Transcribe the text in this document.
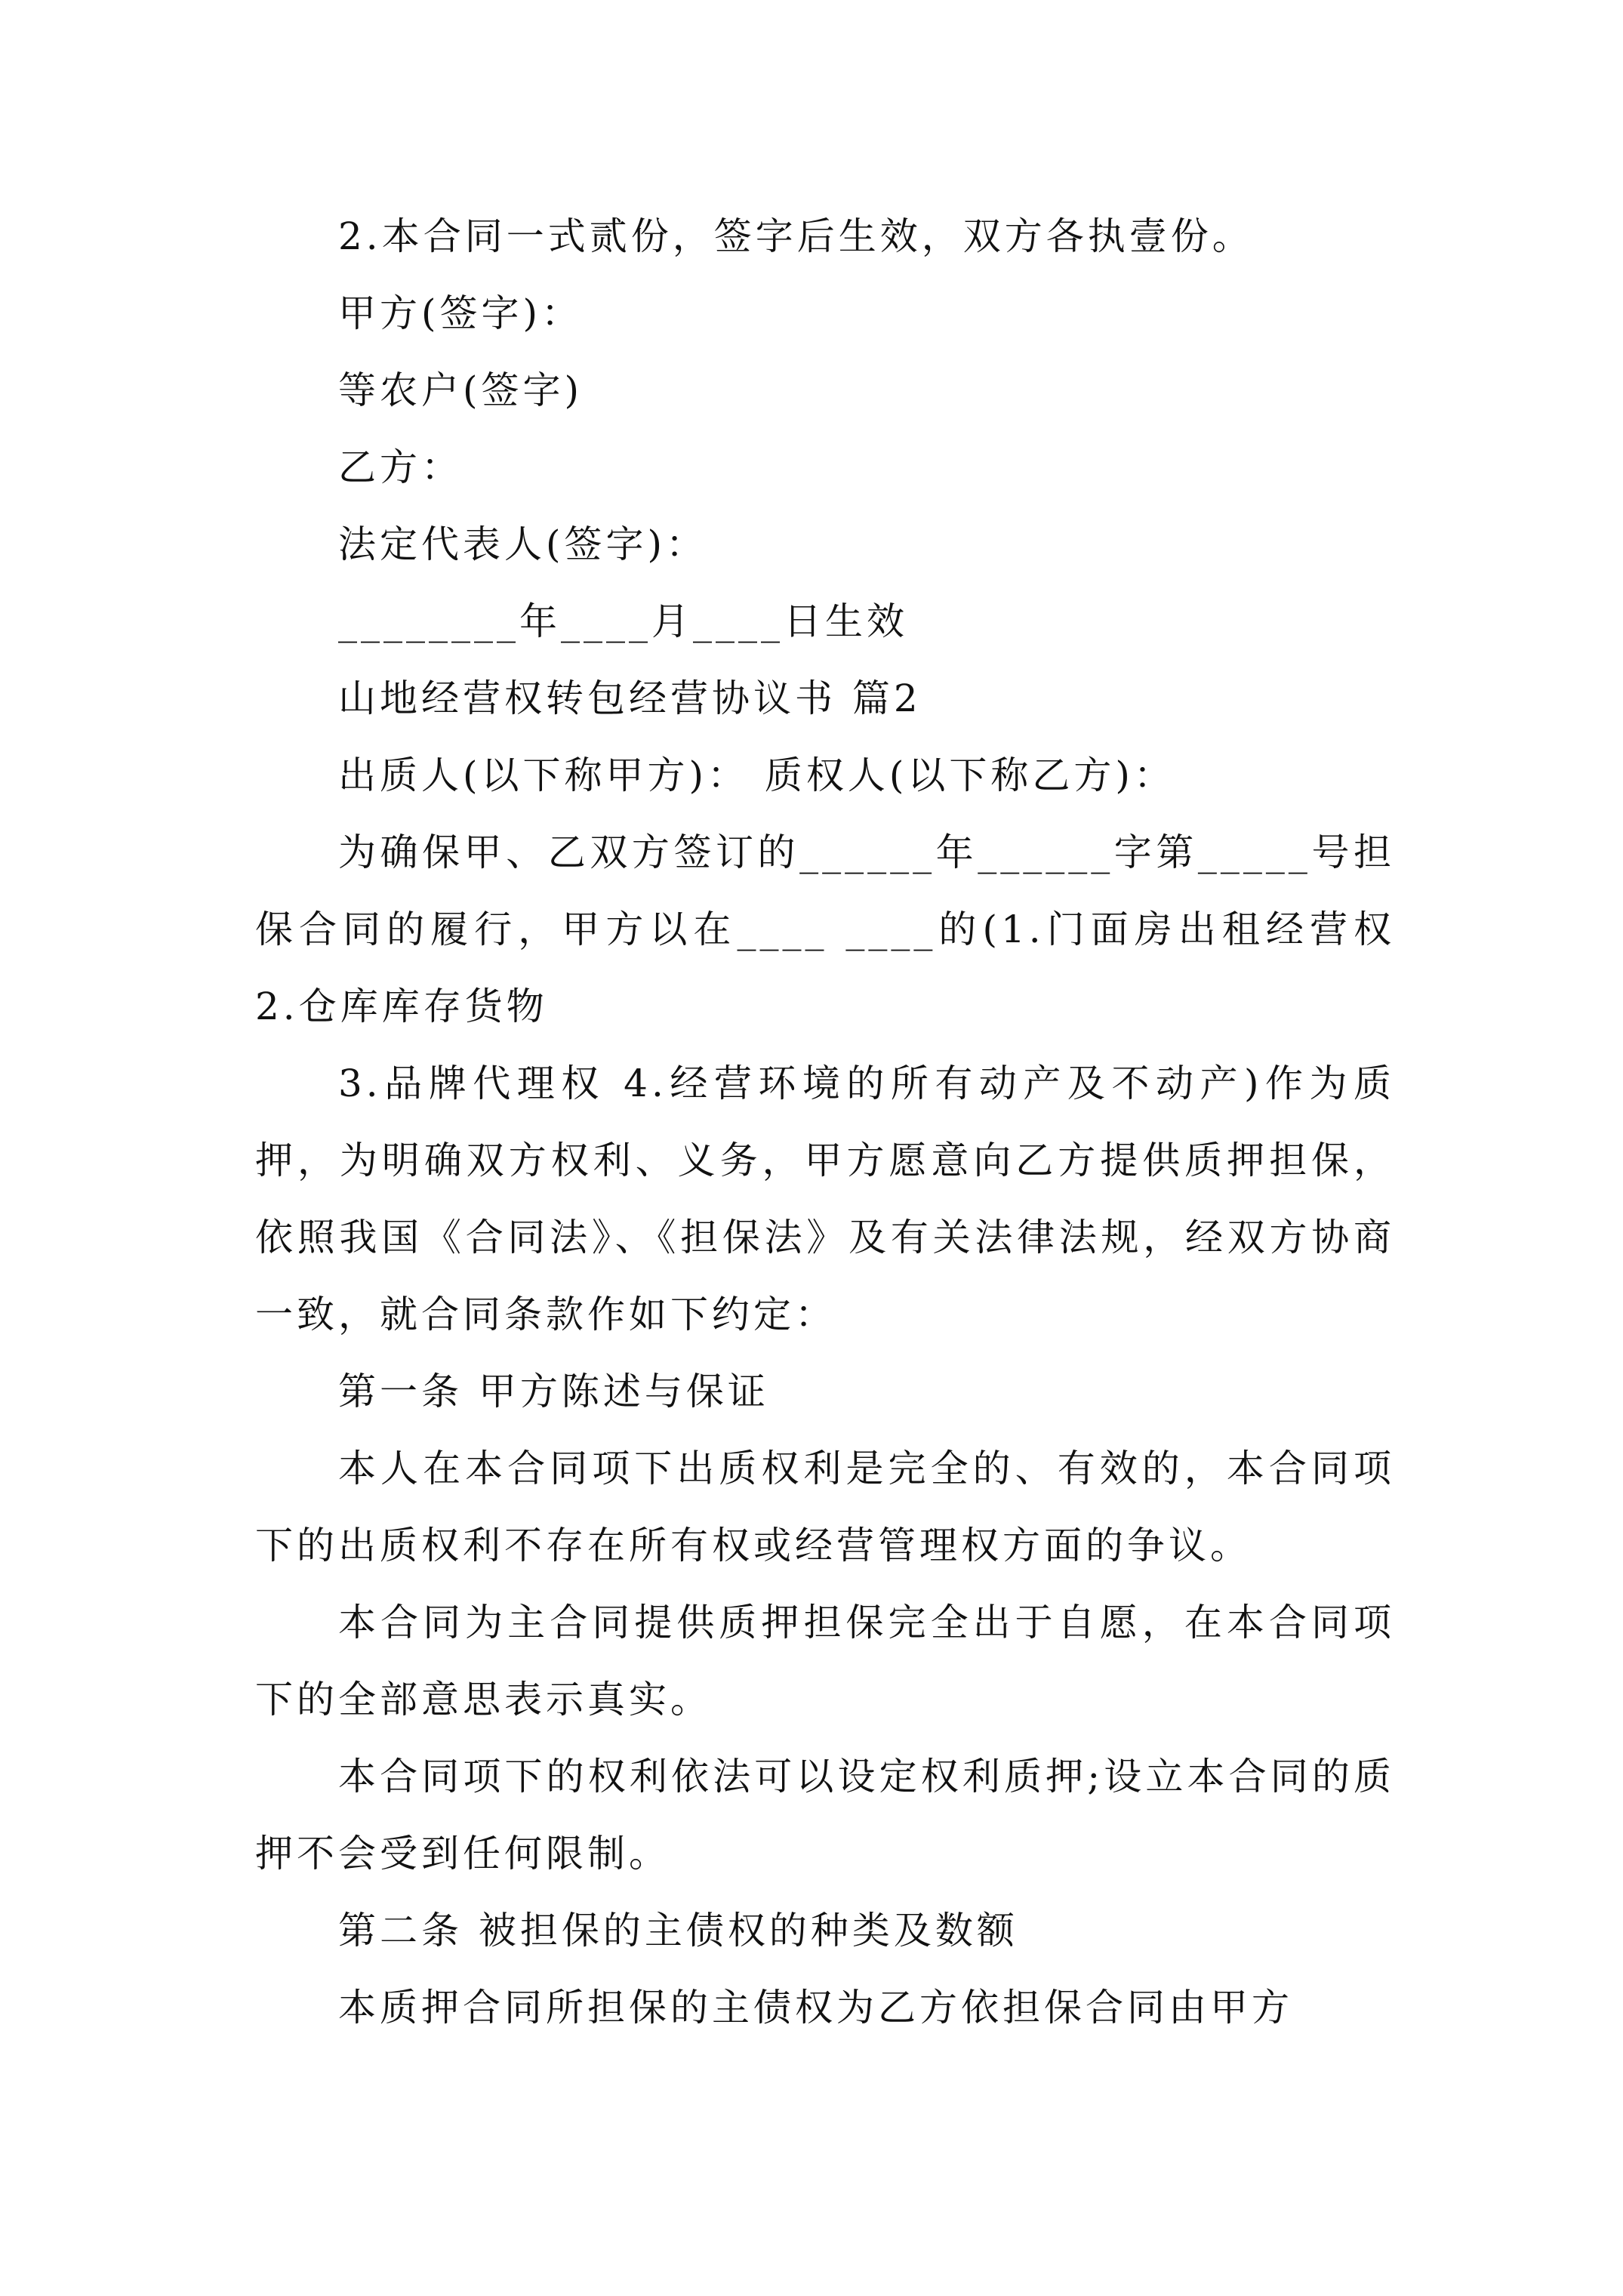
2.本合同一式贰份，签字后生效，双方各执壹份。

甲方(签字)：

等农户(签字)

乙方：

法定代表人(签字)：

________年____月____日生效

山地经营权转包经营协议书 篇2

出质人(以下称甲方)： 质权人(以下称乙方)：

为确保甲、乙双方签订的______年______字第_____号担保合同的履行，甲方以在____ ____的(1.门面房出租经营权 2.仓库库存货物

3.品牌代理权 4.经营环境的所有动产及不动产)作为质押，为明确双方权利、义务，甲方愿意向乙方提供质押担保，依照我国《合同法》、《担保法》及有关法律法规，经双方协商一致，就合同条款作如下约定：

第一条 甲方陈述与保证

本人在本合同项下出质权利是完全的、有效的，本合同项下的出质权利不存在所有权或经营管理权方面的争议。

本合同为主合同提供质押担保完全出于自愿，在本合同项下的全部意思表示真实。

本合同项下的权利依法可以设定权利质押;设立本合同的质押不会受到任何限制。

第二条 被担保的主债权的种类及数额

本质押合同所担保的主债权为乙方依担保合同由甲方
